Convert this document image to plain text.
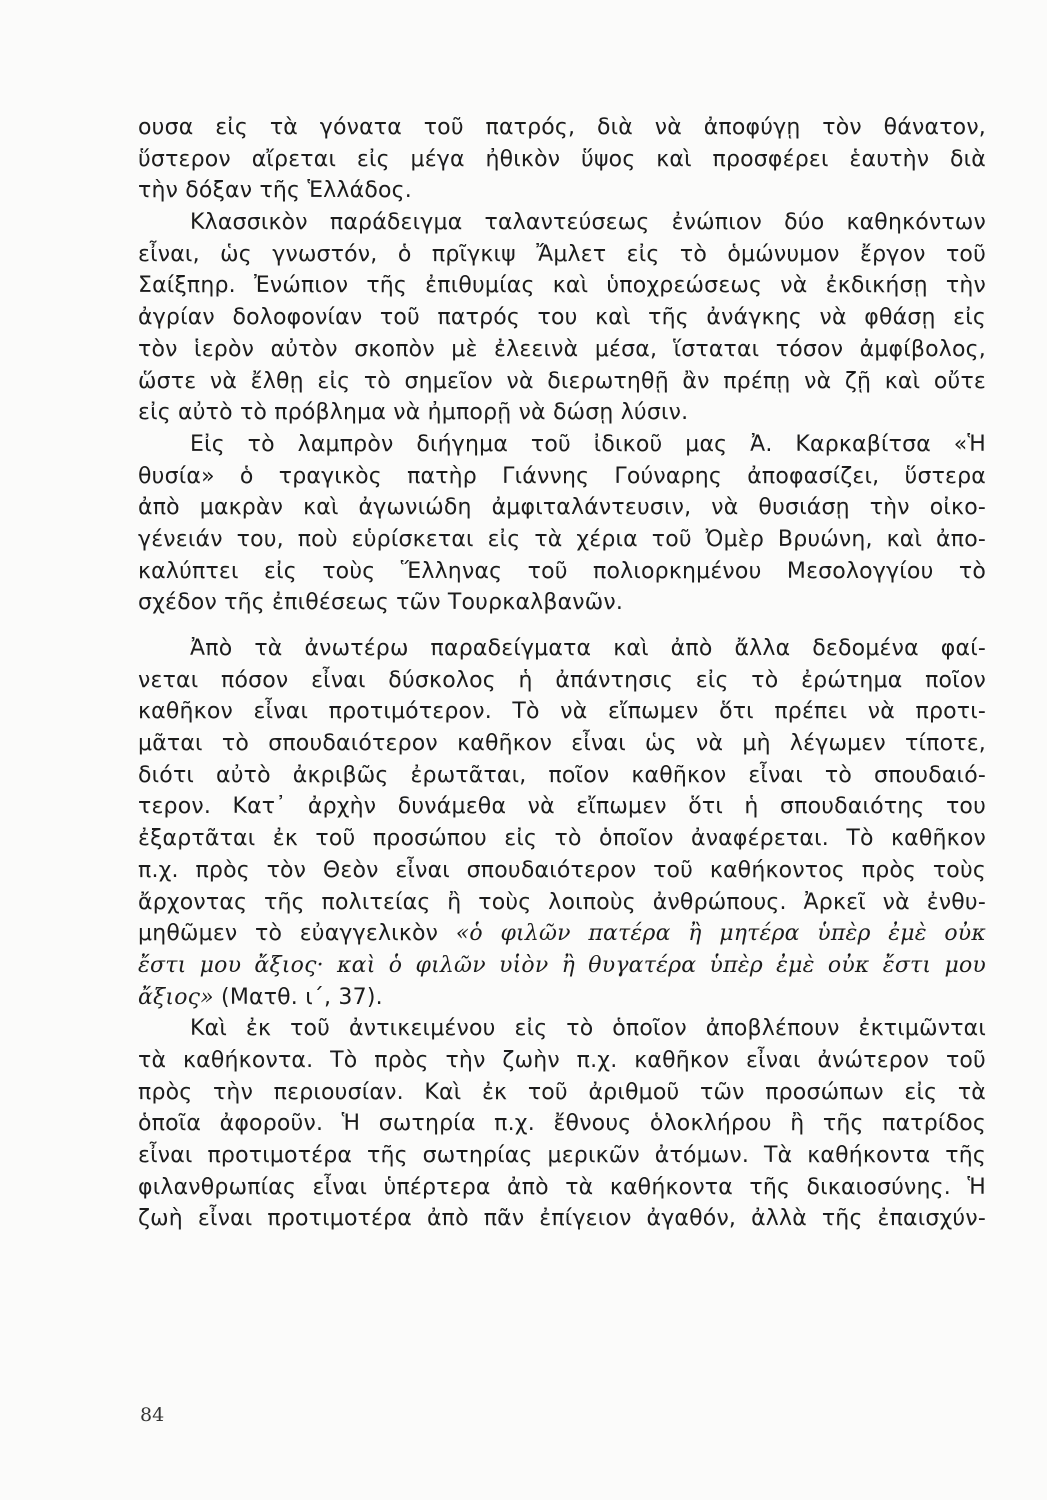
ουσα εἰς τὰ γόνατα τοῦ πατρός, διὰ νὰ ἀποφύγῃ τὸν θάνατον,
ὕστερον αἴρεται εἰς μέγα ἠθικὸν ὕψος καὶ προσφέρει ἑαυτὴν διὰ
τὴν δόξαν τῆς Ἑλλάδος.
Κλασσικὸν παράδειγμα ταλαντεύσεως ἐνώπιον δύο καθηκόντων
εἶναι, ὡς γνωστόν, ὁ πρῖγκιψ Ἄμλετ εἰς τὸ ὁμώνυμον ἔργον τοῦ
Σαίξπηρ. Ἐνώπιον τῆς ἐπιθυμίας καὶ ὑποχρεώσεως νὰ ἐκδικήσῃ τὴν
ἀγρίαν δολοφονίαν τοῦ πατρός του καὶ τῆς ἀνάγκης νὰ φθάσῃ εἰς
τὸν ἱερὸν αὐτὸν σκοπὸν μὲ ἐλεεινὰ μέσα, ἵσταται τόσον ἀμφίβολος,
ὥστε νὰ ἔλθῃ εἰς τὸ σημεῖον νὰ διερωτηθῇ ἂν πρέπῃ νὰ ζῇ καὶ οὔτε
εἰς αὐτὸ τὸ πρόβλημα νὰ ἠμπορῇ νὰ δώσῃ λύσιν.
Εἰς τὸ λαμπρὸν διήγημα τοῦ ἰδικοῦ μας Ἀ. Καρκαβίτσα «Ἡ
θυσία» ὁ τραγικὸς πατὴρ Γιάννης Γούναρης ἀποφασίζει, ὕστερα
ἀπὸ μακρὰν καὶ ἀγωνιώδη ἀμφιταλάντευσιν, νὰ θυσιάσῃ τὴν οἰκο-
γένειάν του, ποὺ εὑρίσκεται εἰς τὰ χέρια τοῦ Ὀμὲρ Βρυώνη, καὶ ἀπο-
καλύπτει εἰς τοὺς Ἕλληνας τοῦ πολιορκημένου Μεσολογγίου τὸ
σχέδον τῆς ἐπιθέσεως τῶν Τουρκαλβανῶν.
Ἀπὸ τὰ ἀνωτέρω παραδείγματα καὶ ἀπὸ ἄλλα δεδομένα φαί-
νεται πόσον εἶναι δύσκολος ἡ ἀπάντησις εἰς τὸ ἐρώτημα ποῖον
καθῆκον εἶναι προτιμότερον. Τὸ νὰ εἴπωμεν ὅτι πρέπει νὰ προτι-
μᾶται τὸ σπουδαιότερον καθῆκον εἶναι ὡς νὰ μὴ λέγωμεν τίποτε,
διότι αὐτὸ ἀκριβῶς ἐρωτᾶται, ποῖον καθῆκον εἶναι τὸ σπουδαιό-
τερον. Κατ᾽ ἀρχὴν δυνάμεθα νὰ εἴπωμεν ὅτι ἡ σπουδαιότης του
ἐξαρτᾶται ἐκ τοῦ προσώπου εἰς τὸ ὁποῖον ἀναφέρεται. Τὸ καθῆκον
π.χ. πρὸς τὸν Θεὸν εἶναι σπουδαιότερον τοῦ καθήκοντος πρὸς τοὺς
ἄρχοντας τῆς πολιτείας ἢ τοὺς λοιποὺς ἀνθρώπους. Ἀρκεῖ νὰ ἐνθυ-
μηθῶμεν τὸ εὐαγγελικὸν «ὁ φιλῶν πατέρα ἢ μητέρα ὑπὲρ ἐμὲ οὐκ
ἔστι μου ἄξιος· καὶ ὁ φιλῶν υἱὸν ἢ θυγατέρα ὑπὲρ ἐμὲ οὐκ ἔστι μου
ἄξιος» (Ματθ. ι΄, 37).
Καὶ ἐκ τοῦ ἀντικειμένου εἰς τὸ ὁποῖον ἀποβλέπουν ἐκτιμῶνται
τὰ καθήκοντα. Τὸ πρὸς τὴν ζωὴν π.χ. καθῆκον εἶναι ἀνώτερον τοῦ
πρὸς τὴν περιουσίαν. Καὶ ἐκ τοῦ ἀριθμοῦ τῶν προσώπων εἰς τὰ
ὁποῖα ἀφοροῦν. Ἡ σωτηρία π.χ. ἔθνους ὁλοκλήρου ἢ τῆς πατρίδος
εἶναι προτιμοτέρα τῆς σωτηρίας μερικῶν ἀτόμων. Τὰ καθήκοντα τῆς
φιλανθρωπίας εἶναι ὑπέρτερα ἀπὸ τὰ καθήκοντα τῆς δικαιοσύνης. Ἡ
ζωὴ εἶναι προτιμοτέρα ἀπὸ πᾶν ἐπίγειον ἀγαθόν, ἀλλὰ τῆς ἐπαισχύν-
84
